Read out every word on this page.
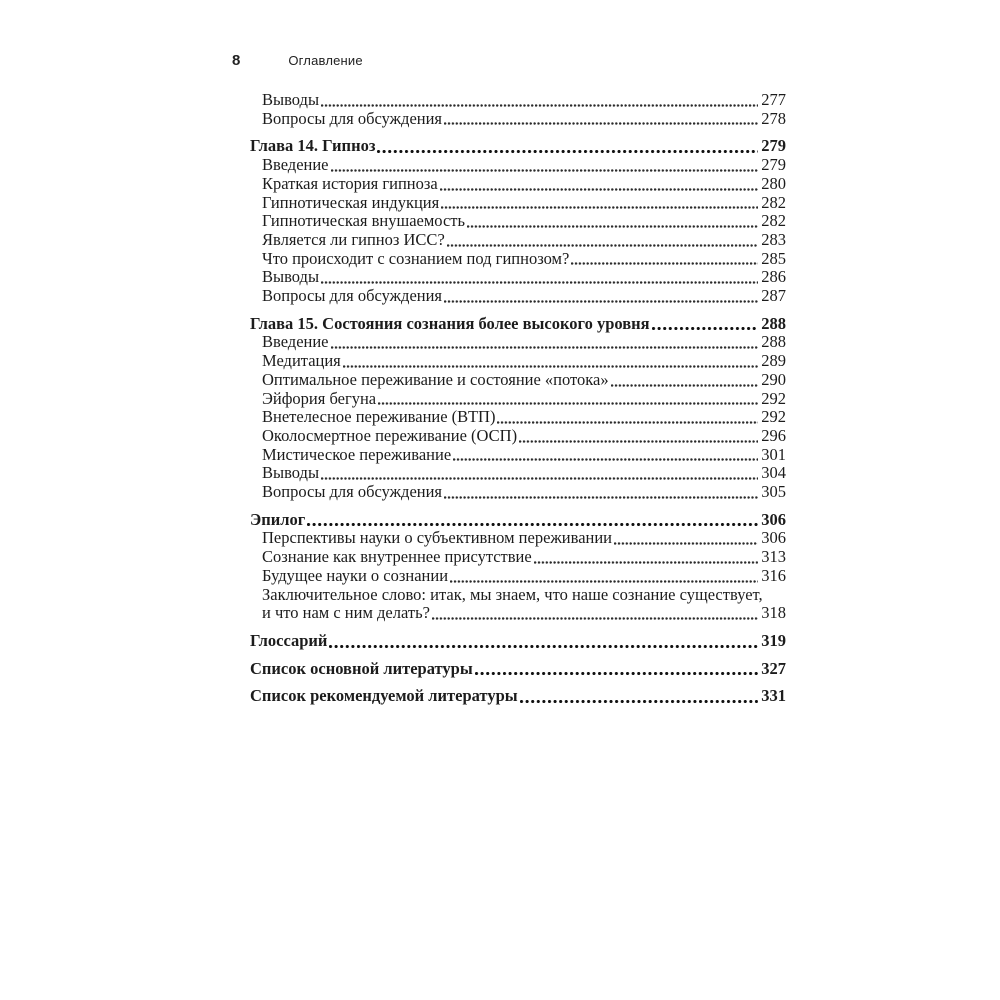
8	Оглавление
Выводы	277
Вопросы для обсуждения	278
Глава 14. Гипноз	279
Введение	279
Краткая история гипноза	280
Гипнотическая индукция	282
Гипнотическая внушаемость	282
Является ли гипноз ИСС?	283
Что происходит с сознанием под гипнозом?	285
Выводы	286
Вопросы для обсуждения	287
Глава 15. Состояния сознания более высокого уровня	288
Введение	288
Медитация	289
Оптимальное переживание и состояние «потока»	290
Эйфория бегуна	292
Внетелесное переживание (ВТП)	292
Околосмертное переживание (ОСП)	296
Мистическое переживание	301
Выводы	304
Вопросы для обсуждения	305
Эпилог	306
Перспективы науки о субъективном переживании	306
Сознание как внутреннее присутствие	313
Будущее науки о сознании	316
Заключительное слово: итак, мы знаем, что наше сознание существует,
и что нам с ним делать?	318
Глоссарий	319
Список основной литературы	327
Список рекомендуемой литературы	331
